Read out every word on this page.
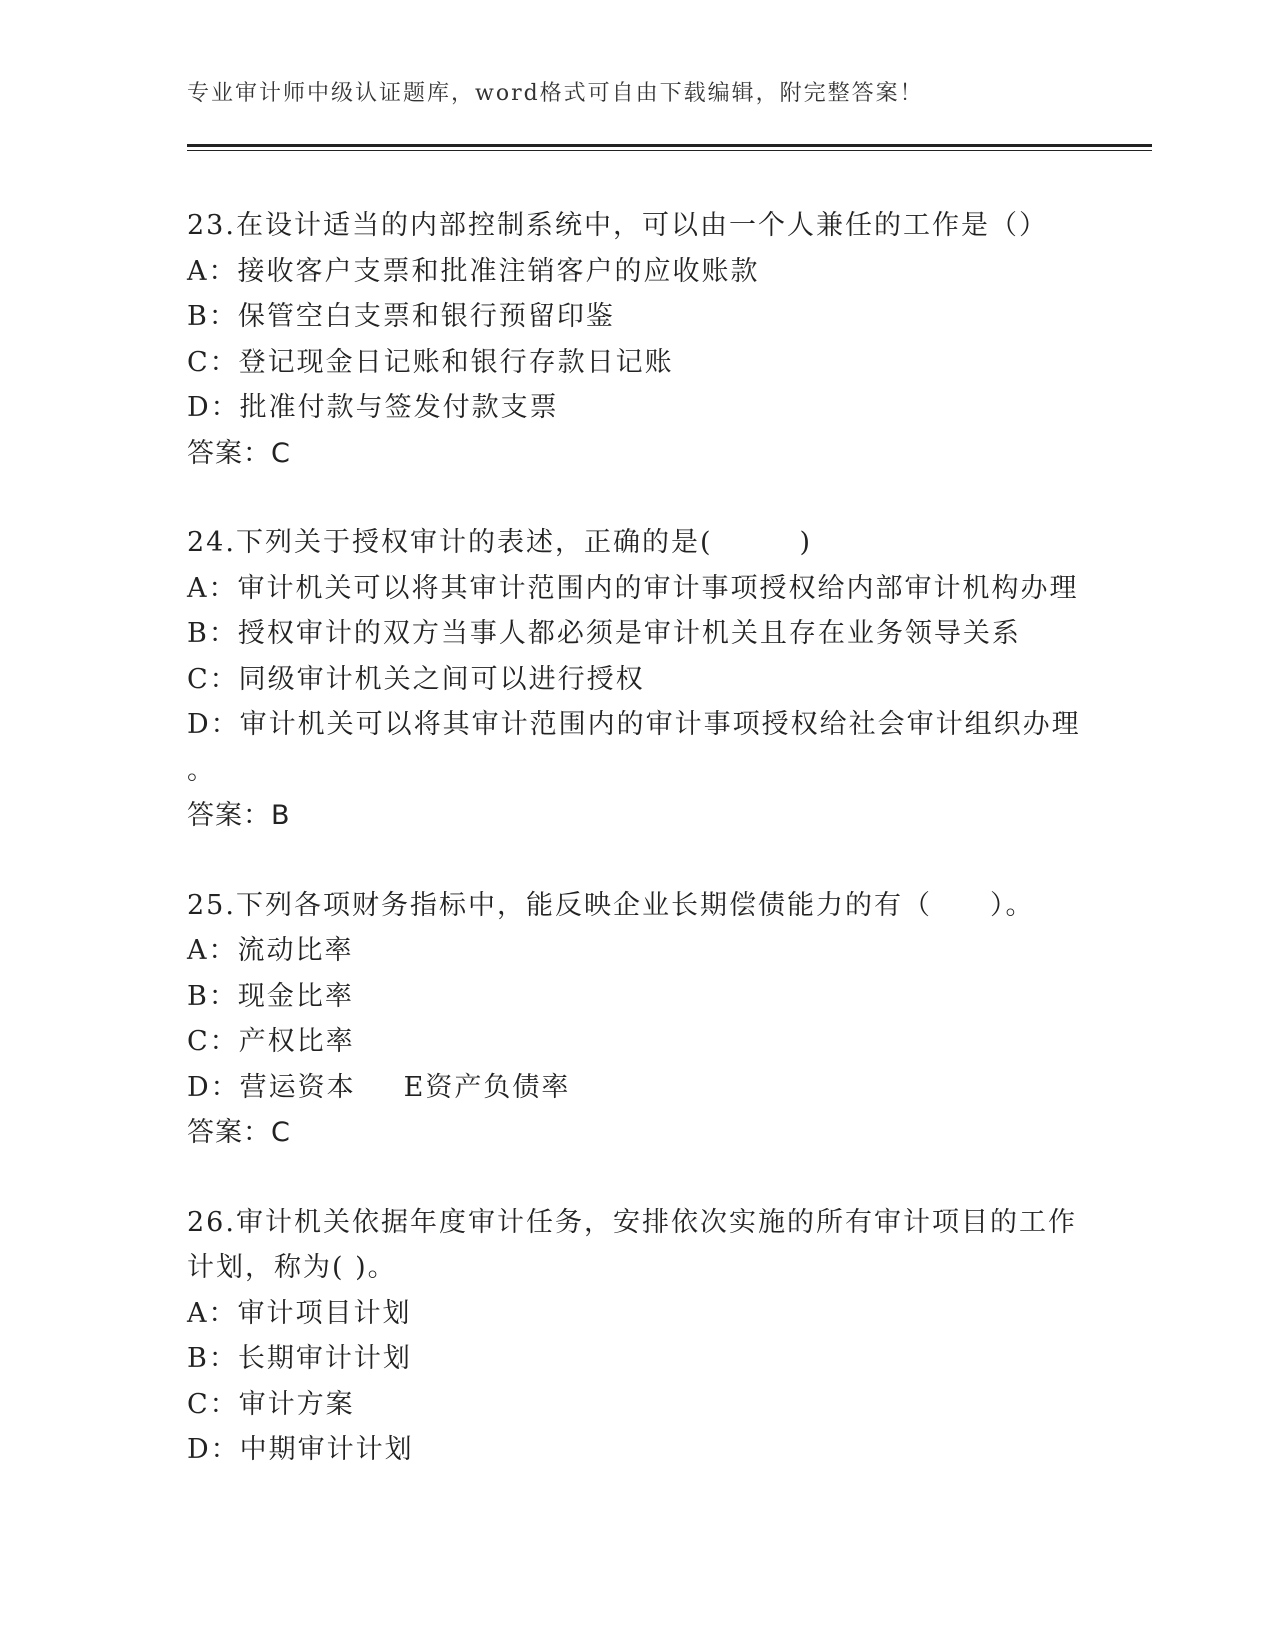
专业审计师中级认证题库，word格式可自由下载编辑，附完整答案！
23.在设计适当的内部控制系统中，可以由一个人兼任的工作是（）
A：接收客户支票和批准注销客户的应收账款
B：保管空白支票和银行预留印鉴
C：登记现金日记账和银行存款日记账
D：批准付款与签发付款支票
答案：C
24.下列关于授权审计的表述，正确的是(　　　)
A：审计机关可以将其审计范围内的审计事项授权给内部审计机构办理
B：授权审计的双方当事人都必须是审计机关且存在业务领导关系
C：同级审计机关之间可以进行授权
D：审计机关可以将其审计范围内的审计事项授权给社会审计组织办理
。
答案：B
25.下列各项财务指标中，能反映企业长期偿债能力的有（　　）。
A：流动比率
B：现金比率
C：产权比率
D：营运资本 E资产负债率
答案：C
26.审计机关依据年度审计任务，安排依次实施的所有审计项目的工作
计划，称为( )。
A：审计项目计划
B：长期审计计划
C：审计方案
D：中期审计计划
